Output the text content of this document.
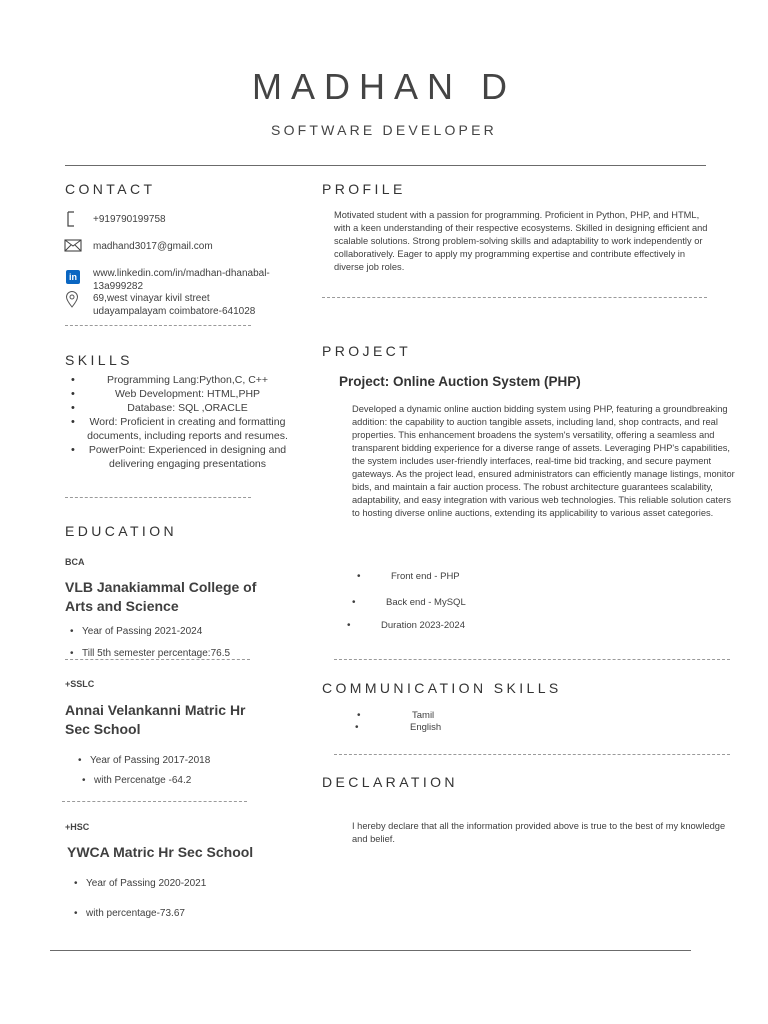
MADHAN D
SOFTWARE DEVELOPER
CONTACT
+919790199758
madhand3017@gmail.com
in	www.linkedin.com/in/madhan-dhanabal-
13a999282
69,west vinayar kivil street
udayampalayam coimbatore-641028
SKILLS
• Programming Lang:Python,C, C++
• Web Development: HTML,PHP
• Database: SQL ,ORACLE
• Word: Proficient in creating and formatting documents, including reports and resumes.
• PowerPoint: Experienced in designing and delivering engaging presentations
EDUCATION
BCA
VLB Janakiammal College of Arts and Science
• Year of Passing 2021-2024
• Till 5th semester percentage:76.5
+SSLC
Annai Velankanni Matric Hr Sec School
• Year of Passing 2017-2018
• with Percenatge -64.2
+HSC
YWCA Matric Hr Sec School
• Year of Passing 2020-2021
• with percentage-73.67
PROFILE
Motivated student with a passion for programming. Proficient in Python, PHP, and HTML, with a keen understanding of their respective ecosystems. Skilled in designing efficient and scalable solutions. Strong problem-solving skills and adaptability to work independently or collaboratively. Eager to apply my programming expertise and contribute effectively in diverse job roles.
PROJECT
Project: Online Auction System (PHP)
Developed a dynamic online auction bidding system using PHP, featuring a groundbreaking addition: the capability to auction tangible assets, including land, shop contracts, and real properties. This enhancement broadens the system's versatility, offering a seamless and transparent bidding experience for a diverse range of assets. Leveraging PHP's capabilities, the system includes user-friendly interfaces, real-time bid tracking, and secure payment gateways. As the project lead, ensured administrators can efficiently manage listings, monitor bids, and maintain a fair auction process. The robust architecture guarantees scalability, adaptability, and easy integration with various web technologies. This reliable solution caters to hosting diverse online auctions, extending its applicability to various asset categories.
• Front end - PHP
• Back end - MySQL
• Duration 2023-2024
COMMUNICATION SKILLS
• Tamil
• English
DECLARATION
I hereby declare that all the information provided above is true to the best of my knowledge and belief.
